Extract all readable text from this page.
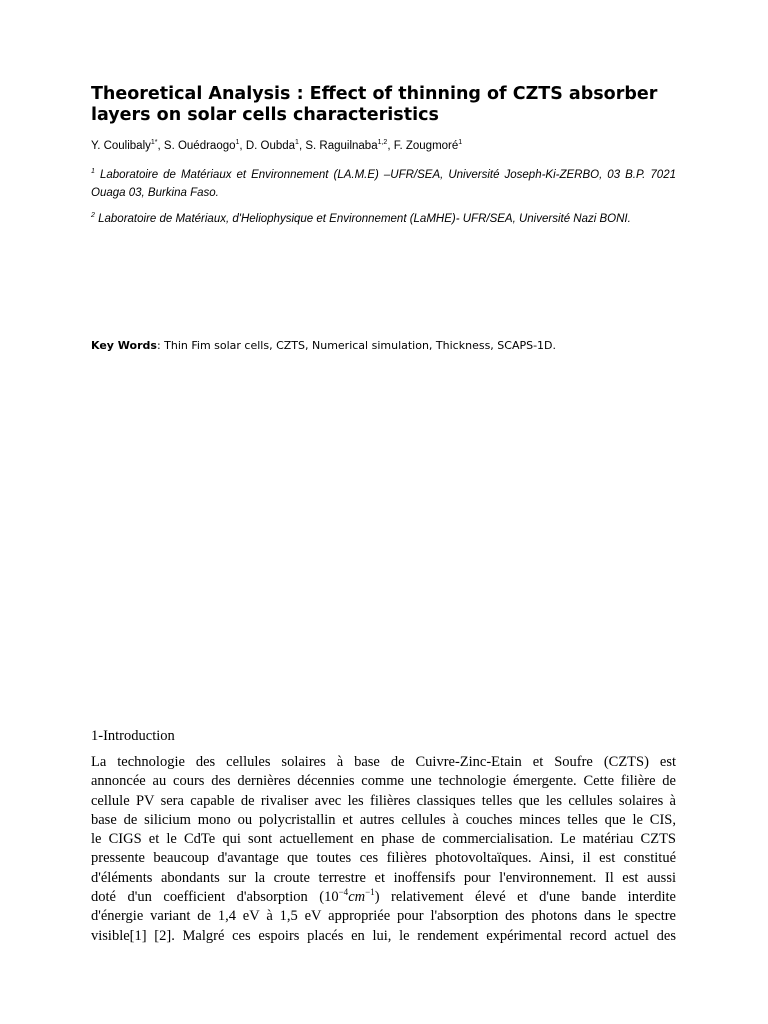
Theoretical Analysis : Effect of thinning of CZTS absorber layers on solar cells characteristics
Y. Coulibaly$^{1*}$, S. Ouédraogo$^1$, D. Oubda$^1$, S. Raguilnaba$^{1,2}$, F. Zougmoré$^1$
$^1$ Laboratoire de Matériaux et Environnement (LA.M.E) –UFR/SEA, Université Joseph-Ki-ZERBO, 03 B.P. 7021 Ouaga 03, Burkina Faso.
$^2$ Laboratoire de Matériaux, d'Heliophysique et Environnement (LaMHE)- UFR/SEA, Université Nazi BONI.
Key Words: Thin Fim solar cells, CZTS, Numerical simulation, Thickness, SCAPS-1D.
1-Introduction
La technologie des cellules solaires à base de Cuivre-Zinc-Etain et Soufre (CZTS) est
annoncée au cours des dernières décennies comme une technologie émergente. Cette filière de
cellule PV sera capable de rivaliser avec les filières classiques telles que les cellules solaires à
base de silicium mono ou polycristallin et autres cellules à couches minces telles que le CIS,
le CIGS et le CdTe qui sont actuellement en phase de commercialisation. Le matériau CZTS
pressente beaucoup d'avantage que toutes ces filières photovoltaïques. Ainsi, il est constitué
d'éléments abondants sur la croute terrestre et inoffensifs pour l'environnement. Il est aussi
doté d'un coefficient d'absorption $(10^{-4}cm^{-1})$ relativement élevé et d'une bande interdite
d'énergie variant de 1,4 eV à 1,5 eV appropriée pour l'absorption des photons dans le spectre
visible[1] [2]. Malgré ces espoirs placés en lui, le rendement expérimental record actuel des
